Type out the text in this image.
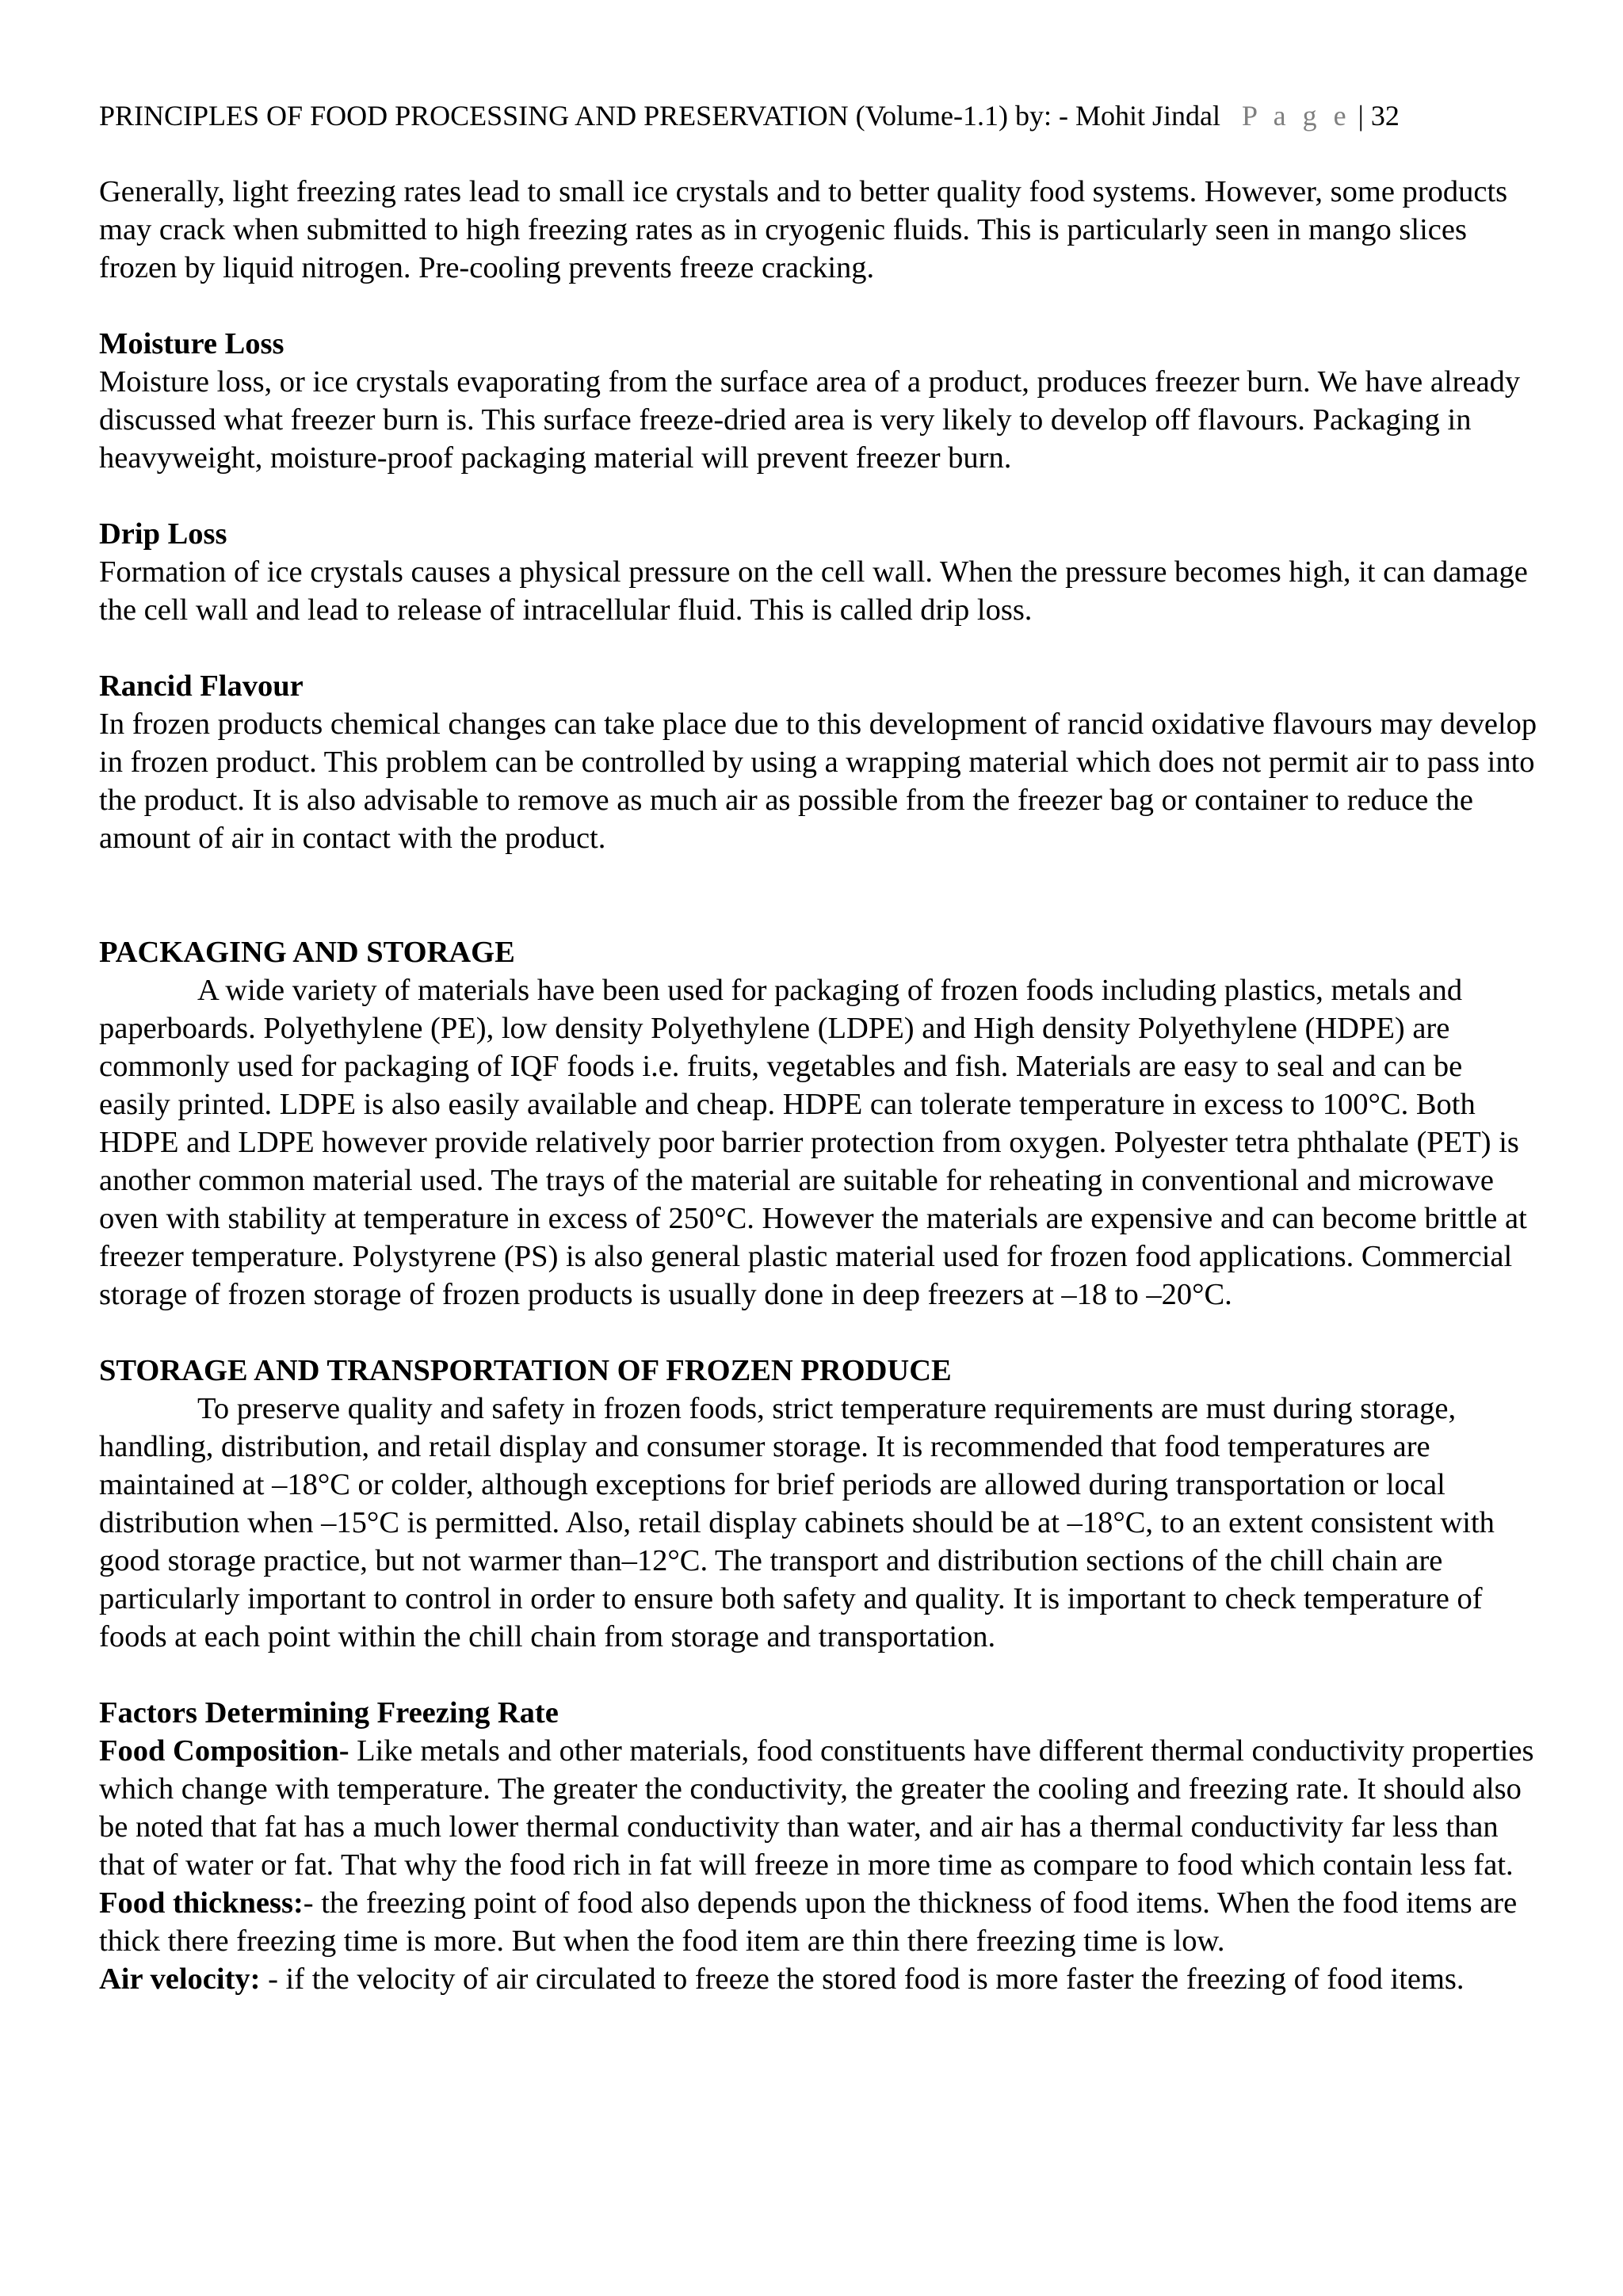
PRINCIPLES OF FOOD PROCESSING AND PRESERVATION (Volume-1.1) by: - Mohit Jindal P a g e | 32

Generally, light freezing rates lead to small ice crystals and to better quality food systems. However, some products may crack when submitted to high freezing rates as in cryogenic fluids. This is particularly seen in mango slices frozen by liquid nitrogen. Pre-cooling prevents freeze cracking.

Moisture Loss

Moisture loss, or ice crystals evaporating from the surface area of a product, produces freezer burn. We have already discussed what freezer burn is. This surface freeze-dried area is very likely to develop off flavours. Packaging in heavyweight, moisture-proof packaging material will prevent freezer burn.

Drip Loss

Formation of ice crystals causes a physical pressure on the cell wall. When the pressure becomes high, it can damage the cell wall and lead to release of intracellular fluid. This is called drip loss.

Rancid Flavour

In frozen products chemical changes can take place due to this development of rancid oxidative flavours may develop in frozen product. This problem can be controlled by using a wrapping material which does not permit air to pass into the product. It is also advisable to remove as much air as possible from the freezer bag or container to reduce the amount of air in contact with the product.

PACKAGING AND STORAGE

A wide variety of materials have been used for packaging of frozen foods including plastics, metals and paperboards. Polyethylene (PE), low density Polyethylene (LDPE) and High density Polyethylene (HDPE) are commonly used for packaging of IQF foods i.e. fruits, vegetables and fish. Materials are easy to seal and can be easily printed. LDPE is also easily available and cheap. HDPE can tolerate temperature in excess to 100°C. Both HDPE and LDPE however provide relatively poor barrier protection from oxygen. Polyester tetra phthalate (PET) is another common material used. The trays of the material are suitable for reheating in conventional and microwave oven with stability at temperature in excess of 250°C. However the materials are expensive and can become brittle at freezer temperature. Polystyrene (PS) is also general plastic material used for frozen food applications. Commercial storage of frozen storage of frozen products is usually done in deep freezers at –18 to –20°C.

STORAGE AND TRANSPORTATION OF FROZEN PRODUCE

To preserve quality and safety in frozen foods, strict temperature requirements are must during storage, handling, distribution, and retail display and consumer storage. It is recommended that food temperatures are maintained at –18°C or colder, although exceptions for brief periods are allowed during transportation or local distribution when –15°C is permitted. Also, retail display cabinets should be at –18°C, to an extent consistent with good storage practice, but not warmer than–12°C. The transport and distribution sections of the chill chain are particularly important to control in order to ensure both safety and quality. It is important to check temperature of foods at each point within the chill chain from storage and transportation.

Factors Determining Freezing Rate

Food Composition- Like metals and other materials, food constituents have different thermal conductivity properties which change with temperature. The greater the conductivity, the greater the cooling and freezing rate. It should also be noted that fat has a much lower thermal conductivity than water, and air has a thermal conductivity far less than that of water or fat. That why the food rich in fat will freeze in more time as compare to food which contain less fat.

Food thickness:- the freezing point of food also depends upon the thickness of food items. When the food items are thick there freezing time is more. But when the food item are thin there freezing time is low.

Air velocity: - if the velocity of air circulated to freeze the stored food is more faster the freezing of food items.
